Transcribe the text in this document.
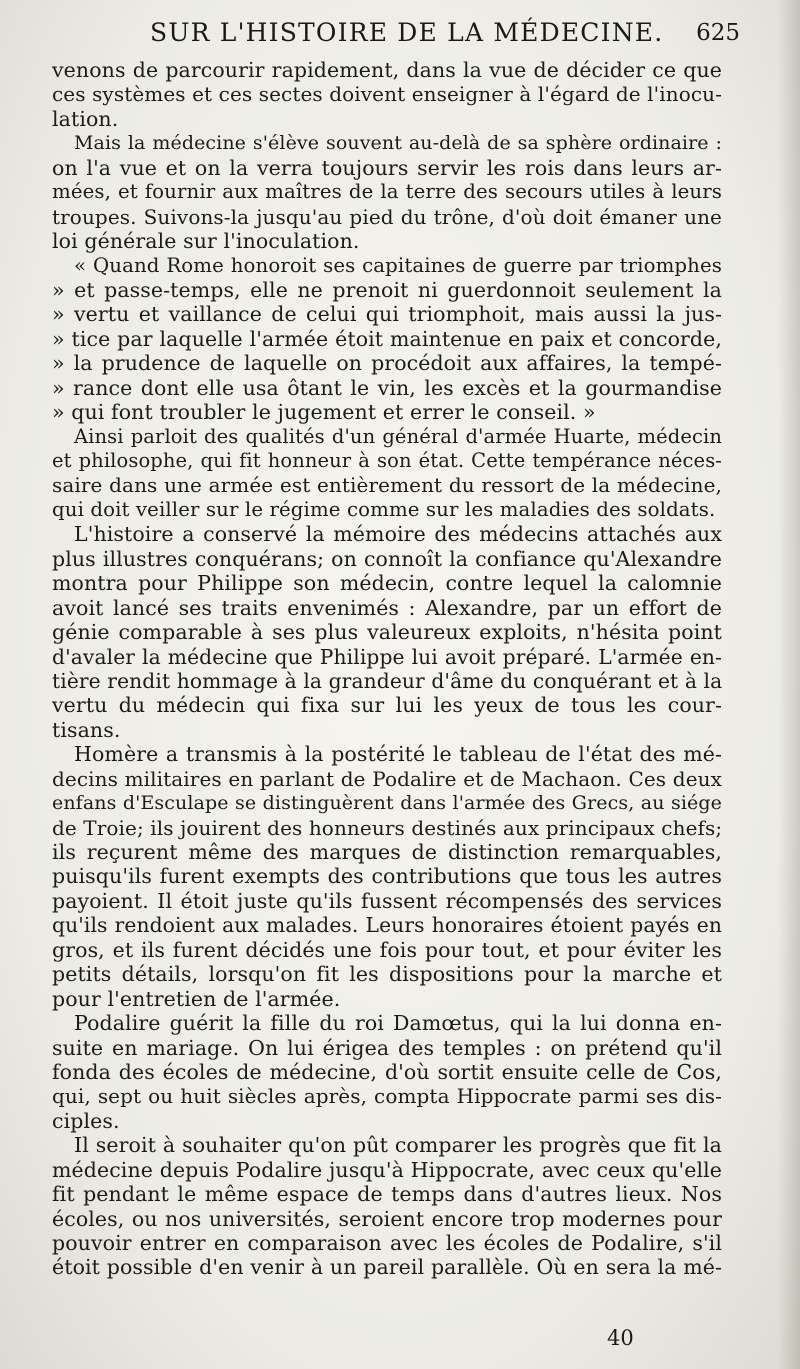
SUR L'HISTOIRE DE LA MÉDECINE. 625
venons de parcourir rapidement, dans la vue de décider ce que
ces systèmes et ces sectes doivent enseigner à l'égard de l'inocu-
lation.
Mais la médecine s'élève souvent au-delà de sa sphère ordinaire :
on l'a vue et on la verra toujours servir les rois dans leurs ar-
mées, et fournir aux maîtres de la terre des secours utiles à leurs
troupes. Suivons-la jusqu'au pied du trône, d'où doit émaner une
loi générale sur l'inoculation.
« Quand Rome honoroit ses capitaines de guerre par triomphes
» et passe-temps, elle ne prenoit ni guerdonnoit seulement la
» vertu et vaillance de celui qui triomphoit, mais aussi la jus-
» tice par laquelle l'armée étoit maintenue en paix et concorde,
» la prudence de laquelle on procédoit aux affaires, la tempé-
» rance dont elle usa ôtant le vin, les excès et la gourmandise
» qui font troubler le jugement et errer le conseil. »
Ainsi parloit des qualités d'un général d'armée Huarte, médecin
et philosophe, qui fit honneur à son état. Cette tempérance néces-
saire dans une armée est entièrement du ressort de la médecine,
qui doit veiller sur le régime comme sur les maladies des soldats.
L'histoire a conservé la mémoire des médecins attachés aux
plus illustres conquérans; on connoît la confiance qu'Alexandre
montra pour Philippe son médecin, contre lequel la calomnie
avoit lancé ses traits envenimés : Alexandre, par un effort de
génie comparable à ses plus valeureux exploits, n'hésita point
d'avaler la médecine que Philippe lui avoit préparé. L'armée en-
tière rendit hommage à la grandeur d'âme du conquérant et à la
vertu du médecin qui fixa sur lui les yeux de tous les cour-
tisans.
Homère a transmis à la postérité le tableau de l'état des mé-
decins militaires en parlant de Podalire et de Machaon. Ces deux
enfans d'Esculape se distinguèrent dans l'armée des Grecs, au siége
de Troie; ils jouirent des honneurs destinés aux principaux chefs;
ils reçurent même des marques de distinction remarquables,
puisqu'ils furent exempts des contributions que tous les autres
payoient. Il étoit juste qu'ils fussent récompensés des services
qu'ils rendoient aux malades. Leurs honoraires étoient payés en
gros, et ils furent décidés une fois pour tout, et pour éviter les
petits détails, lorsqu'on fit les dispositions pour la marche et
pour l'entretien de l'armée.
Podalire guérit la fille du roi Damœtus, qui la lui donna en-
suite en mariage. On lui érigea des temples : on prétend qu'il
fonda des écoles de médecine, d'où sortit ensuite celle de Cos,
qui, sept ou huit siècles après, compta Hippocrate parmi ses dis-
ciples.
Il seroit à souhaiter qu'on pût comparer les progrès que fit la
médecine depuis Podalire jusqu'à Hippocrate, avec ceux qu'elle
fit pendant le même espace de temps dans d'autres lieux. Nos
écoles, ou nos universités, seroient encore trop modernes pour
pouvoir entrer en comparaison avec les écoles de Podalire, s'il
étoit possible d'en venir à un pareil parallèle. Où en sera la mé-
40
